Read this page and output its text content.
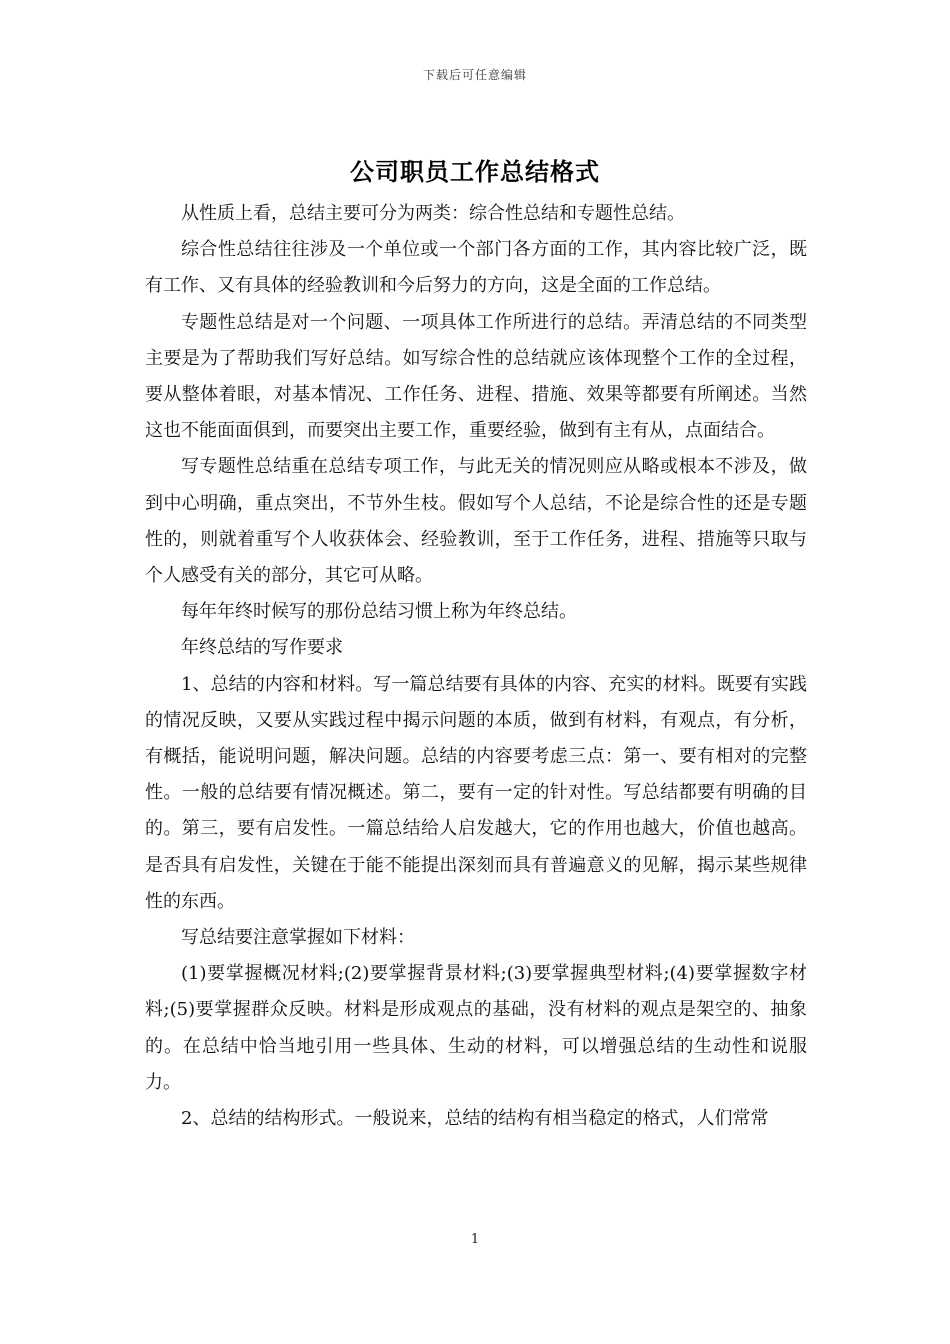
下载后可任意编辑
公司职员工作总结格式

从性质上看，总结主要可分为两类：综合性总结和专题性总结。

综合性总结往往涉及一个单位或一个部门各方面的工作，其内容比较广泛，既有工作、又有具体的经验教训和今后努力的方向，这是全面的工作总结。

专题性总结是对一个问题、一项具体工作所进行的总结。弄清总结的不同类型主要是为了帮助我们写好总结。如写综合性的总结就应该体现整个工作的全过程，要从整体着眼，对基本情况、工作任务、进程、措施、效果等都要有所阐述。当然这也不能面面俱到，而要突出主要工作，重要经验，做到有主有从，点面结合。

写专题性总结重在总结专项工作，与此无关的情况则应从略或根本不涉及，做到中心明确，重点突出，不节外生枝。假如写个人总结，不论是综合性的还是专题性的，则就着重写个人收获体会、经验教训，至于工作任务，进程、措施等只取与个人感受有关的部分，其它可从略。

每年年终时候写的那份总结习惯上称为年终总结。

年终总结的写作要求

1、总结的内容和材料。写一篇总结要有具体的内容、充实的材料。既要有实践的情况反映，又要从实践过程中揭示问题的本质，做到有材料，有观点，有分析，有概括，能说明问题，解决问题。总结的内容要考虑三点：第一、要有相对的完整性。一般的总结要有情况概述。第二，要有一定的针对性。写总结都要有明确的目的。第三，要有启发性。一篇总结给人启发越大，它的作用也越大，价值也越高。是否具有启发性，关键在于能不能提出深刻而具有普遍意义的见解，揭示某些规律性的东西。

写总结要注意掌握如下材料：

(1)要掌握概况材料;(2)要掌握背景材料;(3)要掌握典型材料;(4)要掌握数字材料;(5)要掌握群众反映。材料是形成观点的基础，没有材料的观点是架空的、抽象的。在总结中恰当地引用一些具体、生动的材料，可以增强总结的生动性和说服力。

2、总结的结构形式。一般说来，总结的结构有相当稳定的格式，人们常常

1
